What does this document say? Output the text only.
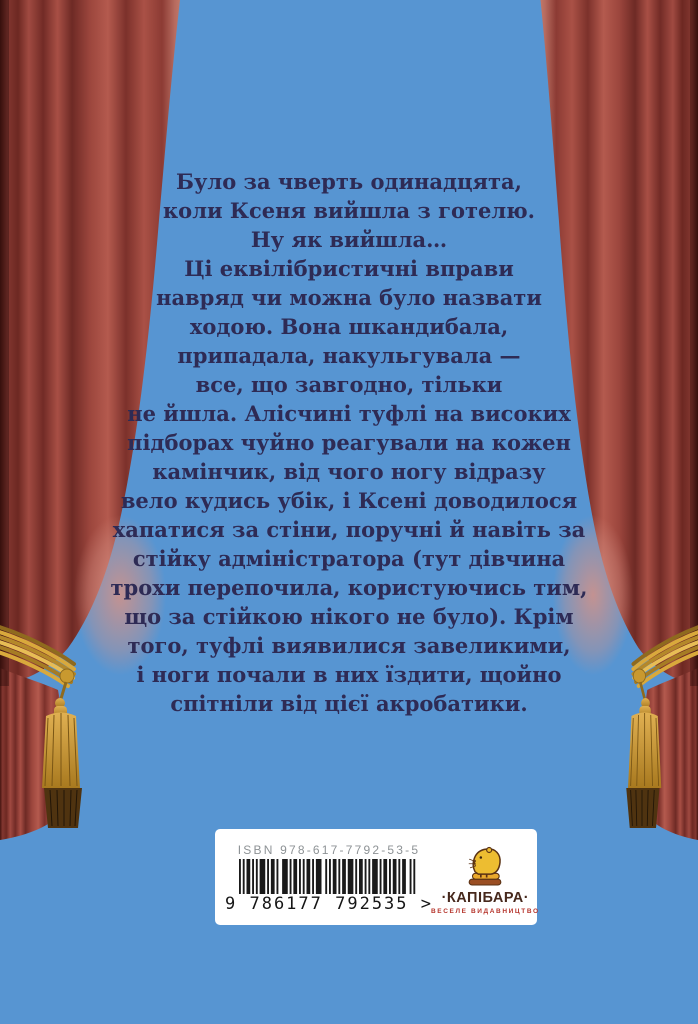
Було за чверть одинадцята,
коли Ксеня вийшла з готелю.
Ну як вийшла…
Ці еквілібристичні вправи
навряд чи можна було назвати
ходою. Вона шкандибала,
припадала, накульгувала —
все, що завгодно, тільки
не йшла. Алісчині туфлі на високих
підборах чуйно реагували на кожен
камінчик, від чого ногу відразу
вело кудись убік, і Ксені доводилося
хапатися за стіни, поручні й навіть за
стійку адміністратора (тут дівчина
трохи перепочила, користуючись тим,
що за стійкою нікого не було). Крім
того, туфлі виявилися завеликими,
і ноги почали в них їздити, щойно
спітніли від цієї акробатики.
ISBN 978-617-7792-53-5
9 786177 792535 > ·КАПІБАРА·
ВЕСЕЛЕ ВИДАВНИЦТВО
